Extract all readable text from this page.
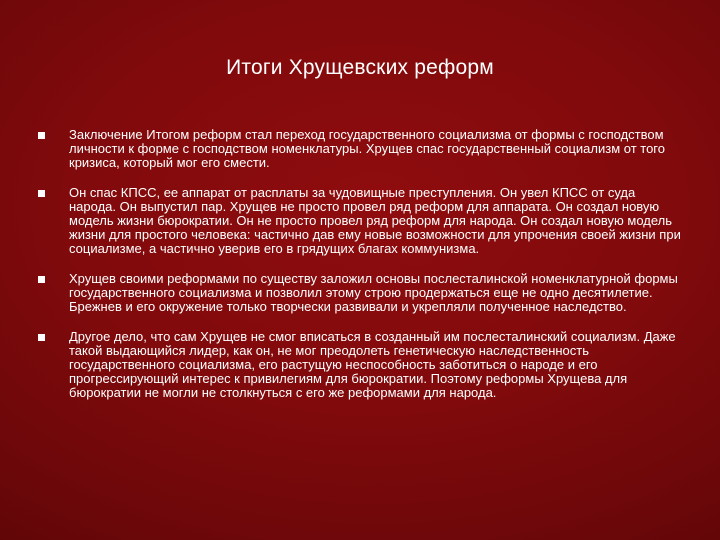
Итоги Хрущевских реформ
Заключение Итогом реформ стал переход государственного социализма от формы с господством личности к форме с господством номенклатуры. Хрущев спас государственный социализм от того кризиса, который мог его смести.
Он спас КПСС, ее аппарат от расплаты за чудовищные преступления. Он увел КПСС от суда народа. Он выпустил пар. Хрущев не просто провел ряд реформ для аппарата. Он создал новую модель жизни бюрократии. Он не просто провел ряд реформ для народа. Он создал новую модель жизни для простого человека: частично дав ему новые возможности для упрочения своей жизни при социализме, а частично уверив его в грядущих благах коммунизма.
Хрущев своими реформами по существу заложил основы послесталинской номенклатурной формы государственного социализма и позволил этому строю продержаться еще не одно десятилетие. Брежнев и его окружение только творчески развивали и укрепляли полученное наследство.
Другое дело, что сам Хрущев не смог вписаться в созданный им послесталинский социализм. Даже такой выдающийся лидер, как он, не мог преодолеть генетическую наследственность государственного социализма, его растущую неспособность заботиться о народе и его прогрессирующий интерес к привилегиям для бюрократии. Поэтому реформы Хрущева для бюрократии не могли не столкнуться с его же реформами для народа.
